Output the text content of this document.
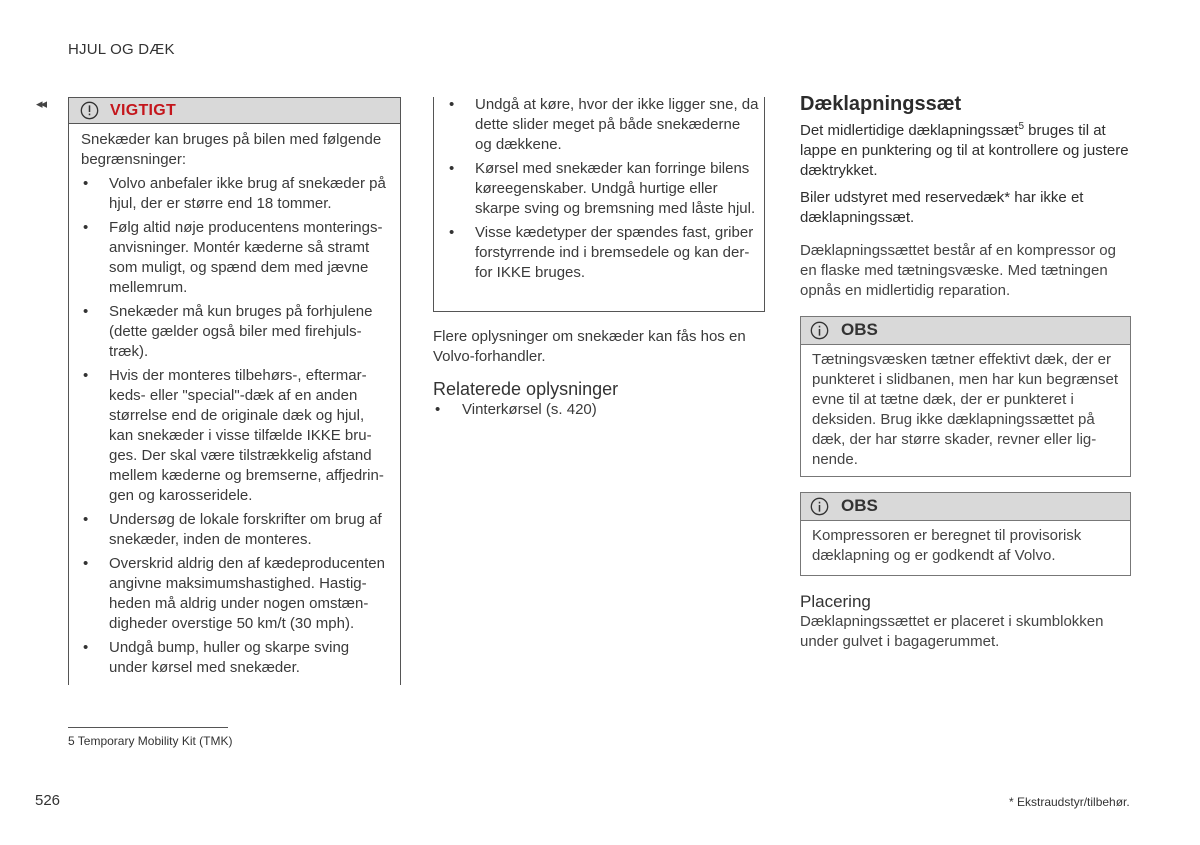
HJUL OG DÆK
◂◂	VIGTIGT

Snekæder kan bruges på bilen med følgende begrænsninger:

• Volvo anbefaler ikke brug af snekæder på hjul, der er større end 18 tommer.
• Følg altid nøje producentens monteringsanvisninger. Montér kæderne så stramt som muligt, og spænd dem med jævne mellemrum.
• Snekæder må kun bruges på forhjulene (dette gælder også biler med firehjulstræk).
• Hvis der monteres tilbehørs-, eftermarkeds- eller "special"-dæk af en anden størrelse end de originale dæk og hjul, kan snekæder i visse tilfælde IKKE bruges. Der skal være tilstrækkelig afstand mellem kæderne og bremserne, affjedringen og karosseridele.
• Undersøg de lokale forskrifter om brug af snekæder, inden de monteres.
• Overskrid aldrig den af kædeproducenten angivne maksimumshastighed. Hastigheden må aldrig under nogen omstændigheder overstige 50 km/t (30 mph).
• Undgå bump, huller og skarpe sving under kørsel med snekæder.
• Undgå at køre, hvor der ikke ligger sne, da dette slider meget på både snekæderne og dækkene.
• Kørsel med snekæder kan forringe bilens køreegenskaber. Undgå hurtige eller skarpe sving og bremsning med låste hjul.
• Visse kædetyper der spændes fast, griber forstyrrende ind i bremsedele og kan derfor IKKE bruges.
Flere oplysninger om snekæder kan fås hos en Volvo-forhandler.
Relaterede oplysninger
• Vinterkørsel (s. 420)
Dæklapningssæt
Det midlertidige dæklapningssæt$^5$ bruges til at lappe en punktering og til at kontrollere og justere dæktrykket.
Biler udstyret med reservedæk* har ikke et dæklapningssæt.
Dæklapningssættet består af en kompressor og en flaske med tætningsvæske. Med tætningen opnås en midlertidig reparation.
OBS
Tætningsvæsken tætner effektivt dæk, der er punkteret i slidbanen, men har kun begrænset evne til at tætne dæk, der er punkteret i deksiden. Brug ikke dæklapningssættet på dæk, der har større skader, revner eller lignende.
OBS
Kompressoren er beregnet til provisorisk dæklapning og er godkendt af Volvo.
Placering
Dæklapningssættet er placeret i skumblokken under gulvet i bagagerummet.
5 Temporary Mobility Kit (TMK)
526	* Ekstraudstyr/tilbehør.
